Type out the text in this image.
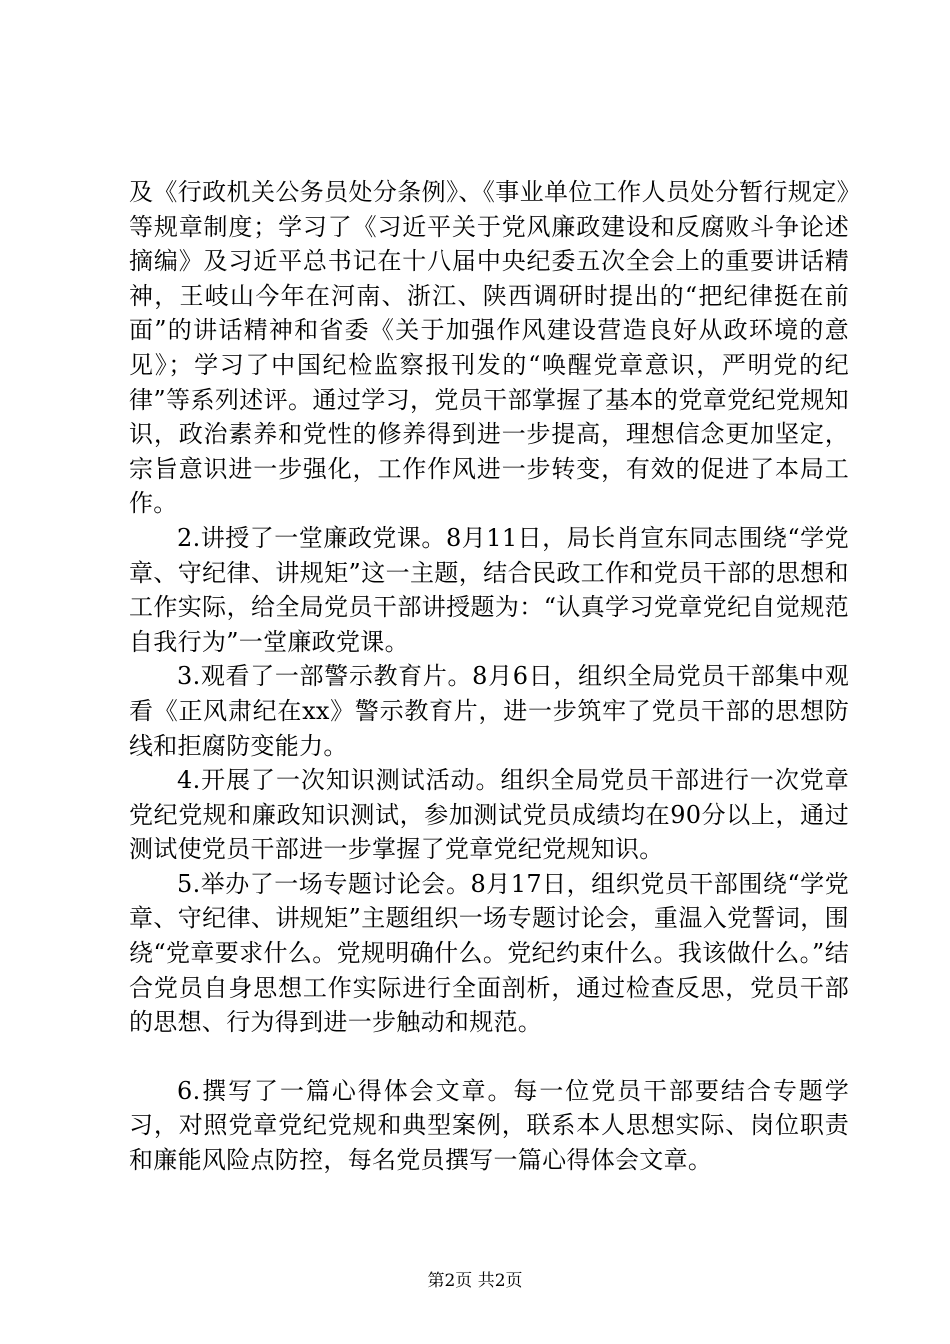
及《行政机关公务员处分条例》、《事业单位工作人员处分暂行规定》等规章制度；学习了《习近平关于党风廉政建设和反腐败斗争论述摘编》及习近平总书记在十八届中央纪委五次全会上的重要讲话精神，王岐山今年在河南、浙江、陕西调研时提出的“把纪律挺在前面”的讲话精神和省委《关于加强作风建设营造良好从政环境的意见》；学习了中国纪检监察报刊发的“唤醒党章意识，严明党的纪律”等系列述评。通过学习，党员干部掌握了基本的党章党纪党规知识，政治素养和党性的修养得到进一步提高，理想信念更加坚定，宗旨意识进一步强化，工作作风进一步转变，有效的促进了本局工作。

2.讲授了一堂廉政党课。8月11日，局长肖宣东同志围绕“学党章、守纪律、讲规矩”这一主题，结合民政工作和党员干部的思想和工作实际，给全局党员干部讲授题为：“认真学习党章党纪自觉规范自我行为”一堂廉政党课。

3.观看了一部警示教育片。8月6日，组织全局党员干部集中观看《正风肃纪在xx》警示教育片，进一步筑牢了党员干部的思想防线和拒腐防变能力。

4.开展了一次知识测试活动。组织全局党员干部进行一次党章党纪党规和廉政知识测试，参加测试党员成绩均在90分以上，通过测试使党员干部进一步掌握了党章党纪党规知识。

5.举办了一场专题讨论会。8月17日，组织党员干部围绕“学党章、守纪律、讲规矩”主题组织一场专题讨论会，重温入党誓词，围绕“党章要求什么。党规明确什么。党纪约束什么。我该做什么。”结合党员自身思想工作实际进行全面剖析，通过检查反思，党员干部的思想、行为得到进一步触动和规范。

6.撰写了一篇心得体会文章。每一位党员干部要结合专题学习，对照党章党纪党规和典型案例，联系本人思想实际、岗位职责和廉能风险点防控，每名党员撰写一篇心得体会文章。

第2页 共2页
